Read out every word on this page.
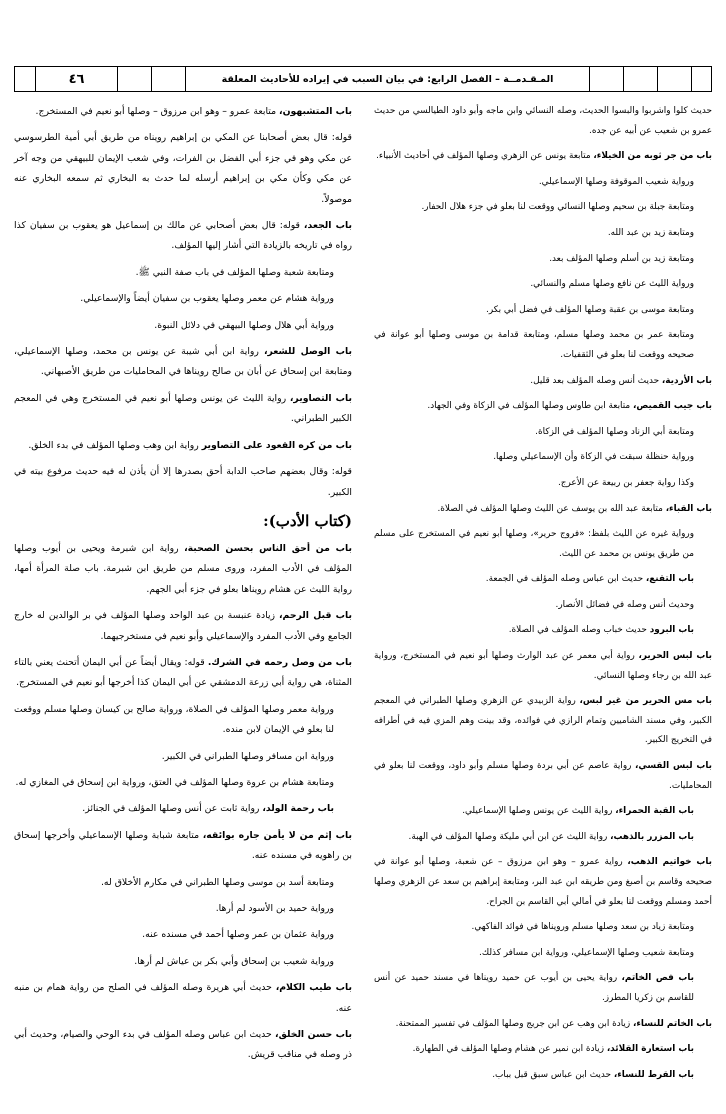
المـقـدمــة – الفصل الرابع: في بيان السبب في إيراده للأحاديث المعلقة
٤٦

حديث كلوا واشربوا والبسوا الحديث، وصله النسائي وابن ماجه وأبو داود الطيالسي من حديث عمرو بن شعيب عن أبيه عن جده.

باب من جر ثوبه من الخيلاء، متابعة يونس عن الزهري وصلها المؤلف في أحاديث الأنبياء.

ورواية شعيب الموقوفة وصلها الإسماعيلي.

ومتابعة جبلة بن سحيم وصلها النسائي ووقعت لنا بعلو في جزء هلال الحفار.

ومتابعة زيد بن عبد الله.

ومتابعة زيد بن أسلم وصلها المؤلف بعد.

ورواية الليث عن نافع وصلها مسلم والنسائي.

ومتابعة موسى بن عقبة وصلها المؤلف في فضل أبي بكر.

ومتابعة عمر بن محمد وصلها مسلم، ومتابعة قدامة بن موسى وصلها أبو عوانة في صحيحه ووقعت لنا بعلو في الثقفيات.

باب الأردية، حديث أنس وصله المؤلف بعد قليل.

باب جيب القميص، متابعة ابن طاوس وصلها المؤلف في الزكاة وفي الجهاد.

ومتابعة أبي الزناد وصلها المؤلف في الزكاة.

ورواية حنظلة سبقت في الزكاة وأن الإسماعيلي وصلها.

وكذا رواية جعفر بن ربيعة عن الأعرج.

باب القباء، متابعة عبد الله بن يوسف عن الليث وصلها المؤلف في الصلاة.

ورواية غيره عن الليث بلفظ: «فروج حرير»، وصلها أبو نعيم في المستخرج على مسلم من طريق يونس بن محمد عن الليث.

باب التقنع، حديث ابن عباس وصله المؤلف في الجمعة.

وحديث أنس وصله في فضائل الأنصار.

باب البرود حديث خباب وصله المؤلف في الصلاة.

باب لبس الحرير، رواية أبي معمر عن عبد الوارث وصلها أبو نعيم في المستخرج، ورواية عبد الله بن رجاء وصلها النسائي.

باب مس الحرير من غير لبس، رواية الزبيدي عن الزهري وصلها الطبراني في المعجم الكبير، وفي مسند الشاميين وتمام الرازي في فوائده، وقد بينت وهم المزي فيه في أطرافه في التخريج الكبير.

باب لبس القسي، رواية عاصم عن أبي بردة وصلها مسلم وأبو داود، ووقعت لنا بعلو في المحامليات.

باب القبة الحمراء، رواية الليث عن يونس وصلها الإسماعيلي.

باب المزرر بالذهب، رواية الليث عن ابن أبي مليكة وصلها المؤلف في الهبة.

باب خواتيم الذهب، رواية عمرو – وهو ابن مرزوق – عن شعبة، وصلها أبو عوانة في صحيحه وقاسم بن أصبغ ومن طريقه ابن عبد البر، ومتابعة إبراهيم بن سعد عن الزهري وصلها أحمد ومسلم ووقعت لنا بعلو في أمالي أبي القاسم بن الجراح.

ومتابعة زياد بن سعد وصلها مسلم ورويناها في فوائد الفاكهي.

ومتابعة شعيب وصلها الإسماعيلي، ورواية ابن مسافر كذلك.

باب فص الخاتم، رواية يحيى بن أيوب عن حميد رويناها في مسند حميد عن أنس للقاسم بن زكريا المطرز.

باب الخاتم للنساء، زيادة ابن وهب عن ابن جريج وصلها المؤلف في تفسير الممتحنة.

باب استعارة القلائد، زيادة ابن نمير عن هشام وصلها المؤلف في الطهارة.

باب القرط للنساء، حديث ابن عباس سبق قبل بباب.

باب المتشبهون، متابعة عمرو – وهو ابن مرزوق – وصلها أبو نعيم في المستخرج.

قوله: قال بعض أصحابنا عن المكي بن إبراهيم رويناه من طريق أبي أمية الطرسوسي عن مكي وهو في جزء أبي الفضل بن الفرات، وفي شعب الإيمان للبيهقي من وجه آخر عن مكي وكأن مكي بن إبراهيم أرسله لما حدث به البخاري ثم سمعه البخاري عنه موصولاً.

باب الجعد، قوله: قال بعض أصحابي عن مالك بن إسماعيل هو يعقوب بن سفيان كذا رواه في تاريخه بالزيادة التي أشار إليها المؤلف.

ومتابعة شعبة وصلها المؤلف في باب صفة النبي ﷺ.

ورواية هشام عن معمر وصلها يعقوب بن سفيان أيضاً والإسماعيلي.

ورواية أبي هلال وصلها البيهقي في دلائل النبوة.

باب الوصل للشعر، رواية ابن أبي شيبة عن يونس بن محمد، وصلها الإسماعيلي، ومتابعة ابن إسحاق عن أبان بن صالح رويناها في المحامليات من طريق الأصبهاني.

باب التصاوير، رواية الليث عن يونس وصلها أبو نعيم في المستخرج وهي في المعجم الكبير الطبراني.

باب من كره القعود على التصاوير رواية ابن وهب وصلها المؤلف في بدء الخلق.

قوله: وقال بعضهم صاحب الدابة أحق بصدرها إلا أن يأذن له فيه حديث مرفوع بيته في الكبير.

(كتاب الأدب):

باب من أحق الناس بحسن الصحبة، رواية ابن شبرمة ويحيى بن أيوب وصلها المؤلف في الأدب المفرد، وروى مسلم من طريق ابن شبرمة. باب صلة المرأة أمها، رواية الليث عن هشام رويناها بعلو في جزء أبي الجهم.

باب قبل الرحم، زيادة عنبسة بن عبد الواحد وصلها المؤلف في بر الوالدين له خارج الجامع وفي الأدب المفرد والإسماعيلي وأبو نعيم في مستخرجيهما.

باب من وصل رحمه في الشرك. قوله: ويقال أيضاً عن أبي اليمان أتحنث يعني بالتاء المثناة، هي رواية أبي زرعة الدمشقي عن أبي اليمان كذا أخرجها أبو نعيم في المستخرج.

ورواية معمر وصلها المؤلف في الصلاة، ورواية صالح بن كيسان وصلها مسلم ووقعت لنا بعلو في الإيمان لابن منده.

ورواية ابن مسافر وصلها الطبراني في الكبير.

ومتابعة هشام بن عروة وصلها المؤلف في العتق، ورواية ابن إسحاق في المغازي له.

باب رحمة الولد، رواية ثابت عن أنس وصلها المؤلف في الجنائز.

باب إثم من لا يأمن جاره بوائقه، متابعة شبابة وصلها الإسماعيلي وأخرجها إسحاق بن راهويه في مسنده عنه.

ومتابعة أسد بن موسى وصلها الطبراني في مكارم الأخلاق له.

ورواية حميد بن الأسود لم أرها.

ورواية عثمان بن عمر وصلها أحمد في مسنده عنه.

ورواية شعيب بن إسحاق وأبي بكر بن عياش لم أرها.

باب طيب الكلام، حديث أبي هريرة وصله المؤلف في الصلح من رواية همام بن منبه عنه.

باب حسن الخلق، حديث ابن عباس وصله المؤلف في بدء الوحي والصيام، وحديث أبي ذر وصله في مناقب قريش.
